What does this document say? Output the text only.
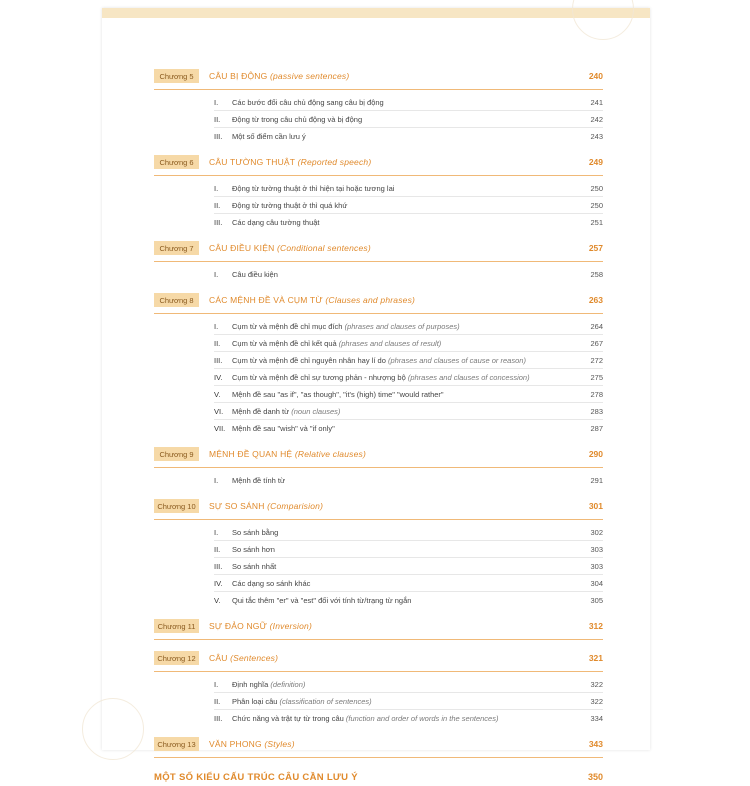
Chương 5	CÂU BỊ ĐỘNG (passive sentences)	240
I.	Các bước đổi câu chủ động sang câu bị động	241
II.	Động từ trong câu chủ động và bị động	242
III.	Một số điểm cần lưu ý	243
Chương 6	CÂU TƯỜNG THUẬT (Reported speech)	249
I.	Động từ tường thuật ở thì hiện tại hoặc tương lai	250
II.	Động từ tường thuật ở thì quá khứ	250
III.	Các dạng câu tường thuật	251
Chương 7	CÂU ĐIỀU KIỆN (Conditional sentences)	257
I.	Câu điều kiện	258
Chương 8	CÁC MỆNH ĐỀ VÀ CỤM TỪ (Clauses and phrases)	263
I.	Cụm từ và mệnh đề chỉ mục đích (phrases and clauses of purposes)	264
II.	Cụm từ và mệnh đề chỉ kết quả (phrases and clauses of result)	267
III.	Cụm từ và mệnh đề chỉ nguyên nhân hay lí do (phrases and clauses of cause or reason)	272
IV.	Cụm từ và mệnh đề chỉ sự tương phản - nhượng bộ (phrases and clauses of concession)	275
V.	Mệnh đề sau "as if", "as though", "it's (high) time" "would rather"	278
VI.	Mệnh đề danh từ (noun clauses)	283
VII. Mệnh đề sau "wish" và "if only"	287
Chương 9	MỆNH ĐỀ QUAN HỆ (Relative clauses)	290
I.	Mệnh đề tính từ	291
Chương 10	SỰ SO SÁNH (Comparision)	301
I.	So sánh bằng	302
II.	So sánh hơn	303
III.	So sánh nhất	303
IV.	Các dạng so sánh khác	304
V.	Qui tắc thêm "er" và "est" đối với tính từ/trạng từ ngắn	305
Chương 11	SỰ ĐẢO NGỮ (Inversion)	312
Chương 12	CÂU (Sentences)	321
I.	Định nghĩa (definition)	322
II.	Phân loại câu (classification of sentences)	322
III.	Chức năng và trật tự từ trong câu (function and order of words in the sentences)	334
Chương 13	VĂN PHONG (Styles)	343
MỘT SỐ KIỂU CẤU TRÚC CÂU CẦN LƯU Ý	350
